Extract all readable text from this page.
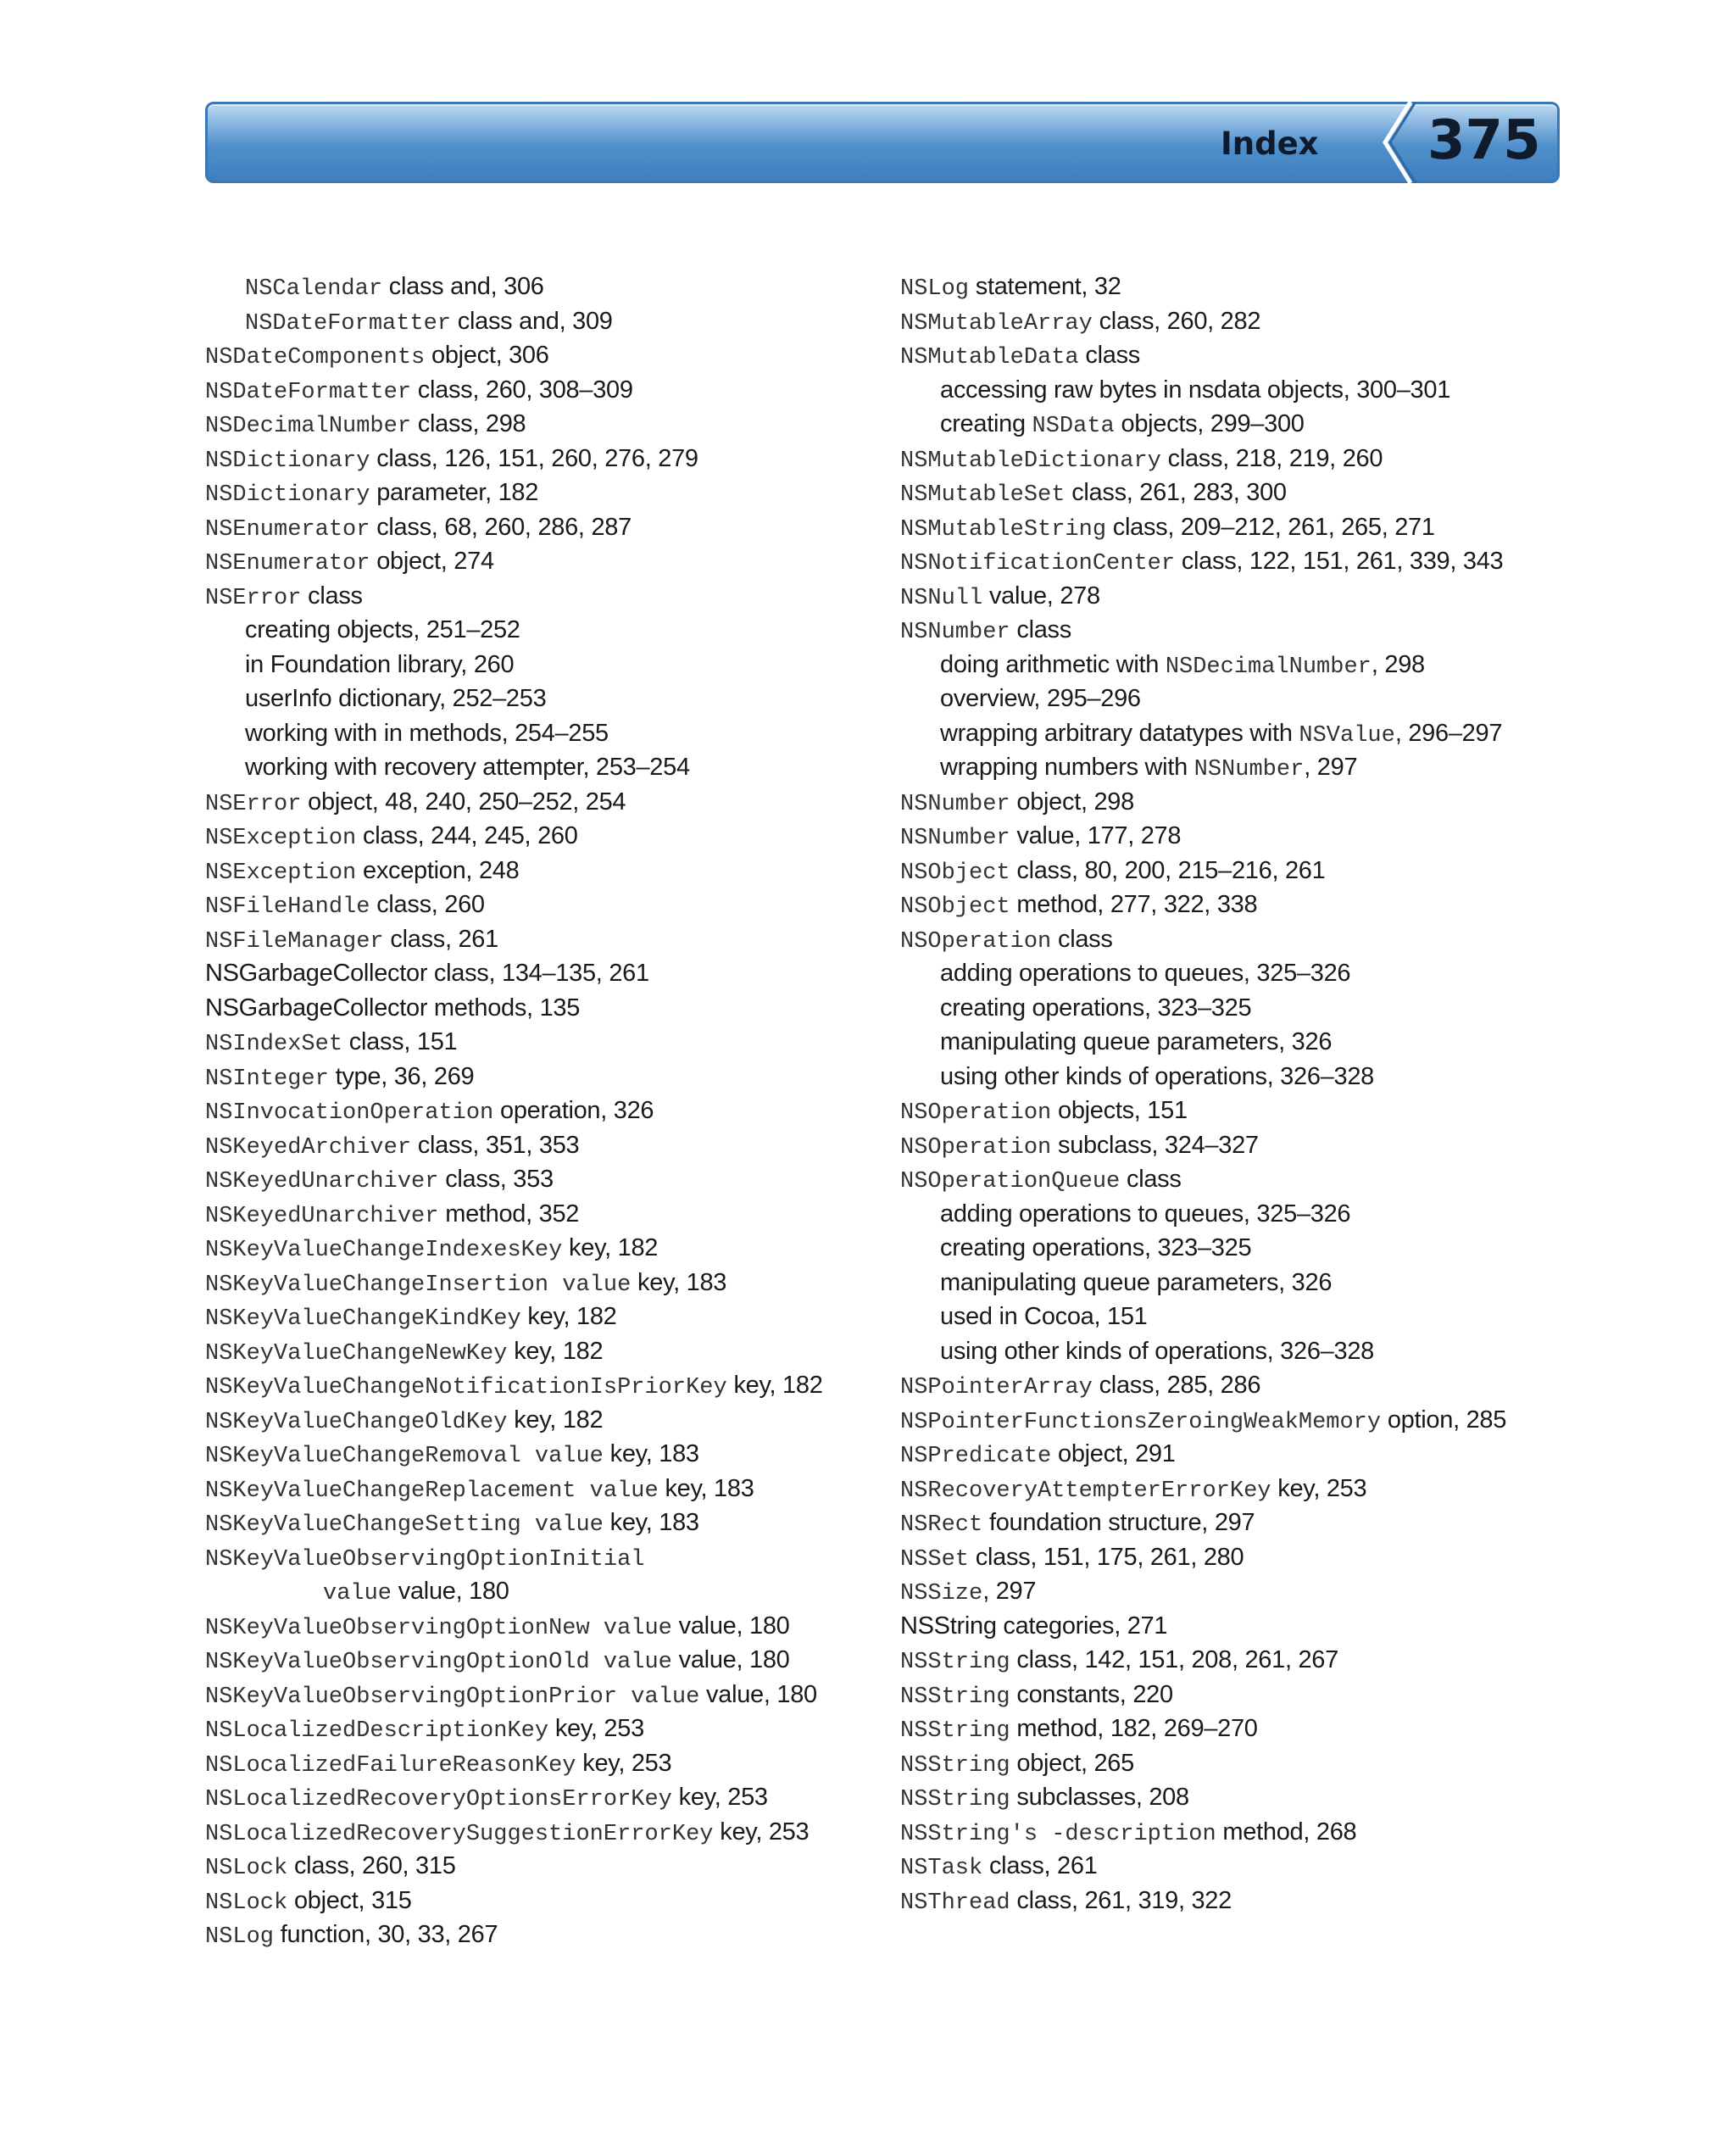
Index 375
NSCalendar class and, 306
NSDateFormatter class and, 309
NSDateComponents object, 306
NSDateFormatter class, 260, 308–309
NSDecimalNumber class, 298
NSDictionary class, 126, 151, 260, 276, 279
NSDictionary parameter, 182
NSEnumerator class, 68, 260, 286, 287
NSEnumerator object, 274
NSError class
creating objects, 251–252
in Foundation library, 260
userInfo dictionary, 252–253
working with in methods, 254–255
working with recovery attempter, 253–254
NSError object, 48, 240, 250–252, 254
NSException class, 244, 245, 260
NSException exception, 248
NSFileHandle class, 260
NSFileManager class, 261
NSGarbageCollector class, 134–135, 261
NSGarbageCollector methods, 135
NSIndexSet class, 151
NSInteger type, 36, 269
NSInvocationOperation operation, 326
NSKeyedArchiver class, 351, 353
NSKeyedUnarchiver class, 353
NSKeyedUnarchiver method, 352
NSKeyValueChangeIndexesKey key, 182
NSKeyValueChangeInsertion value key, 183
NSKeyValueChangeKindKey key, 182
NSKeyValueChangeNewKey key, 182
NSKeyValueChangeNotificationIsPriorKey key, 182
NSKeyValueChangeOldKey key, 182
NSKeyValueChangeRemoval value key, 183
NSKeyValueChangeReplacement value key, 183
NSKeyValueChangeSetting value key, 183
NSKeyValueObservingOptionInitial
value value, 180
NSKeyValueObservingOptionNew value value, 180
NSKeyValueObservingOptionOld value value, 180
NSKeyValueObservingOptionPrior value value, 180
NSLocalizedDescriptionKey key, 253
NSLocalizedFailureReasonKey key, 253
NSLocalizedRecoveryOptionsErrorKey key, 253
NSLocalizedRecoverySuggestionErrorKey key, 253
NSLock class, 260, 315
NSLock object, 315
NSLog function, 30, 33, 267
NSLog statement, 32
NSMutableArray class, 260, 282
NSMutableData class
accessing raw bytes in nsdata objects, 300–301
creating NSData objects, 299–300
NSMutableDictionary class, 218, 219, 260
NSMutableSet class, 261, 283, 300
NSMutableString class, 209–212, 261, 265, 271
NSNotificationCenter class, 122, 151, 261, 339, 343
NSNull value, 278
NSNumber class
doing arithmetic with NSDecimalNumber, 298
overview, 295–296
wrapping arbitrary datatypes with NSValue, 296–297
wrapping numbers with NSNumber, 297
NSNumber object, 298
NSNumber value, 177, 278
NSObject class, 80, 200, 215–216, 261
NSObject method, 277, 322, 338
NSOperation class
adding operations to queues, 325–326
creating operations, 323–325
manipulating queue parameters, 326
using other kinds of operations, 326–328
NSOperation objects, 151
NSOperation subclass, 324–327
NSOperationQueue class
adding operations to queues, 325–326
creating operations, 323–325
manipulating queue parameters, 326
used in Cocoa, 151
using other kinds of operations, 326–328
NSPointerArray class, 285, 286
NSPointerFunctionsZeroingWeakMemory option, 285
NSPredicate object, 291
NSRecoveryAttempterErrorKey key, 253
NSRect foundation structure, 297
NSSet class, 151, 175, 261, 280
NSSize, 297
NSString categories, 271
NSString class, 142, 151, 208, 261, 267
NSString constants, 220
NSString method, 182, 269–270
NSString object, 265
NSString subclasses, 208
NSString's -description method, 268
NSTask class, 261
NSThread class, 261, 319, 322
